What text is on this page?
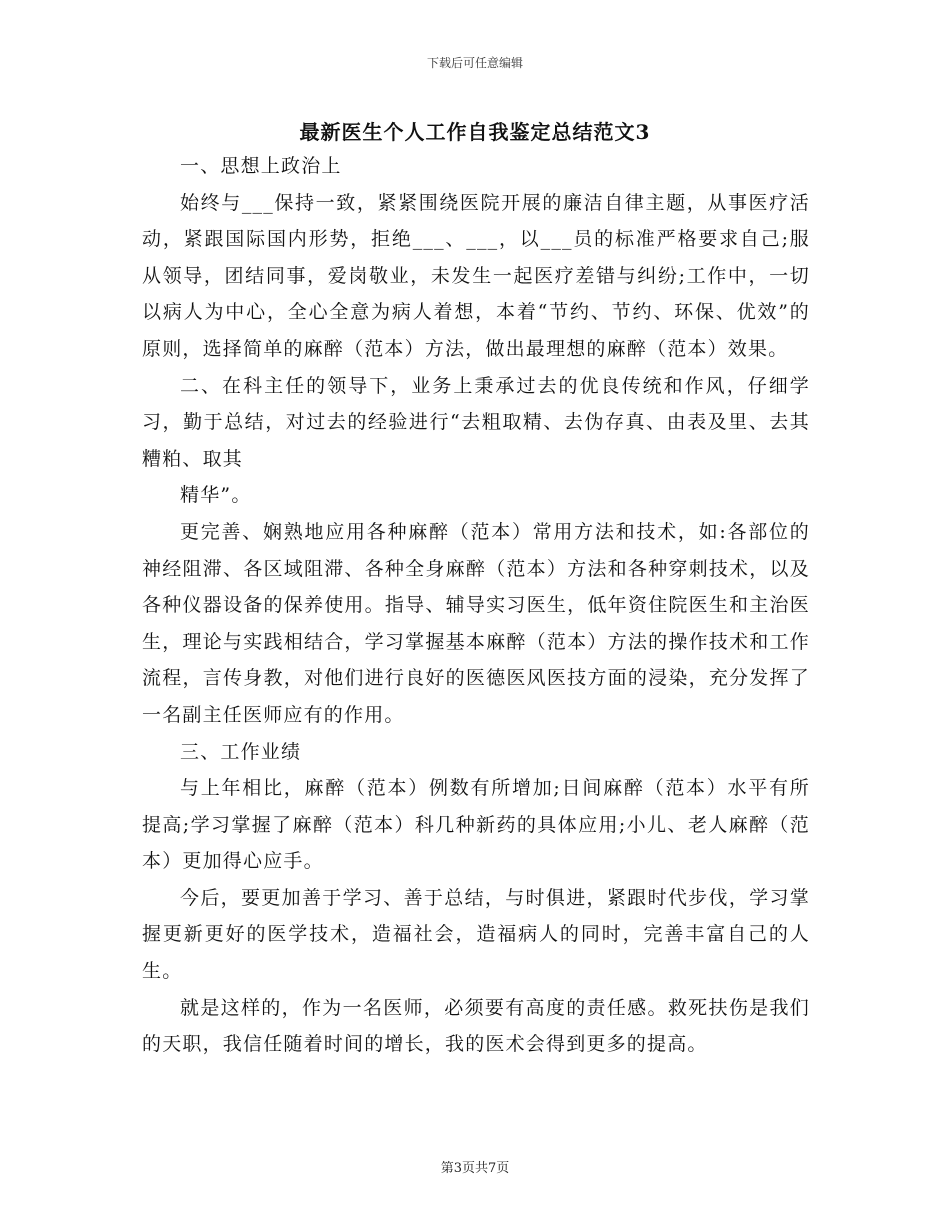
下载后可任意编辑
最新医生个人工作自我鉴定总结范文3

一、思想上政治上

始终与___保持一致，紧紧围绕医院开展的廉洁自律主题，从事医疗活动，紧跟国际国内形势，拒绝___、___，以___员的标准严格要求自己;服从领导，团结同事，爱岗敬业，未发生一起医疗差错与纠纷;工作中，一切以病人为中心，全心全意为病人着想，本着“节约、节约、环保、优效”的原则，选择简单的麻醉（范本）方法，做出最理想的麻醉（范本）效果。

二、在科主任的领导下，业务上秉承过去的优良传统和作风，仔细学习，勤于总结，对过去的经验进行“去粗取精、去伪存真、由表及里、去其糟粕、取其

精华”。

更完善、娴熟地应用各种麻醉（范本）常用方法和技术，如:各部位的神经阻滞、各区域阻滞、各种全身麻醉（范本）方法和各种穿刺技术，以及各种仪器设备的保养使用。指导、辅导实习医生，低年资住院医生和主治医生，理论与实践相结合，学习掌握基本麻醉（范本）方法的操作技术和工作流程，言传身教，对他们进行良好的医德医风医技方面的浸染，充分发挥了一名副主任医师应有的作用。

三、工作业绩

与上年相比，麻醉（范本）例数有所增加;日间麻醉（范本）水平有所提高;学习掌握了麻醉（范本）科几种新药的具体应用;小儿、老人麻醉（范本）更加得心应手。

今后，要更加善于学习、善于总结，与时俱进，紧跟时代步伐，学习掌握更新更好的医学技术，造福社会，造福病人的同时，完善丰富自己的人生。

就是这样的，作为一名医师，必须要有高度的责任感。救死扶伤是我们的天职，我信任随着时间的增长，我的医术会得到更多的提高。

第3页共7页
